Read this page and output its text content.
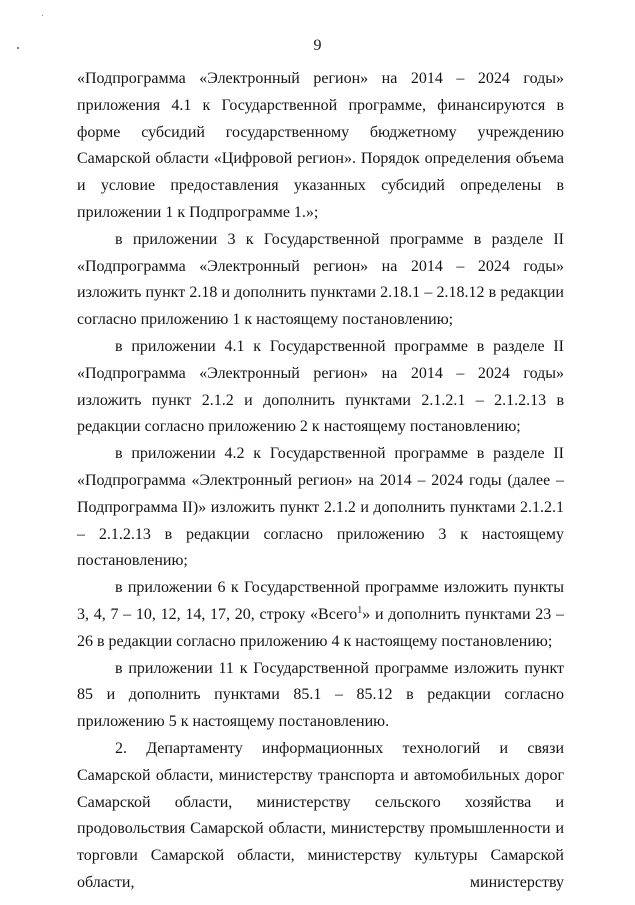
9

«Подпрограмма «Электронный регион» на 2014 – 2024 годы» приложения 4.1 к Государственной программе, финансируются в форме субсидий государственному бюджетному учреждению Самарской области «Цифровой регион». Порядок определения объема и условие предоставления указанных субсидий определены в приложении 1 к Подпрограмме 1.»;

в приложении 3 к Государственной программе в разделе II «Подпрограмма «Электронный регион» на 2014 – 2024 годы» изложить пункт 2.18 и дополнить пунктами 2.18.1 – 2.18.12 в редакции согласно приложению 1 к настоящему постановлению;

в приложении 4.1 к Государственной программе в разделе II «Подпрограмма «Электронный регион» на 2014 – 2024 годы» изложить пункт 2.1.2 и дополнить пунктами 2.1.2.1 – 2.1.2.13 в редакции согласно приложению 2 к настоящему постановлению;

в приложении 4.2 к Государственной программе в разделе II «Подпрограмма «Электронный регион» на 2014 – 2024 годы (далее – Подпрограмма II)» изложить пункт 2.1.2 и дополнить пунктами 2.1.2.1 – 2.1.2.13 в редакции согласно приложению 3 к настоящему постановлению;

в приложении 6 к Государственной программе изложить пункты 3, 4, 7 – 10, 12, 14, 17, 20, строку «Всего$^1$» и дополнить пунктами 23 – 26 в редакции согласно приложению 4 к настоящему постановлению;

в приложении 11 к Государственной программе изложить пункт 85 и дополнить пунктами 85.1 – 85.12 в редакции согласно приложению 5 к настоящему постановлению.

2. Департаменту информационных технологий и связи Самарской области, министерству транспорта и автомобильных дорог Самарской области, министерству сельского хозяйства и продовольствия Самарской области, министерству промышленности и торговли Самарской области, министерству культуры Самарской области, министерству
